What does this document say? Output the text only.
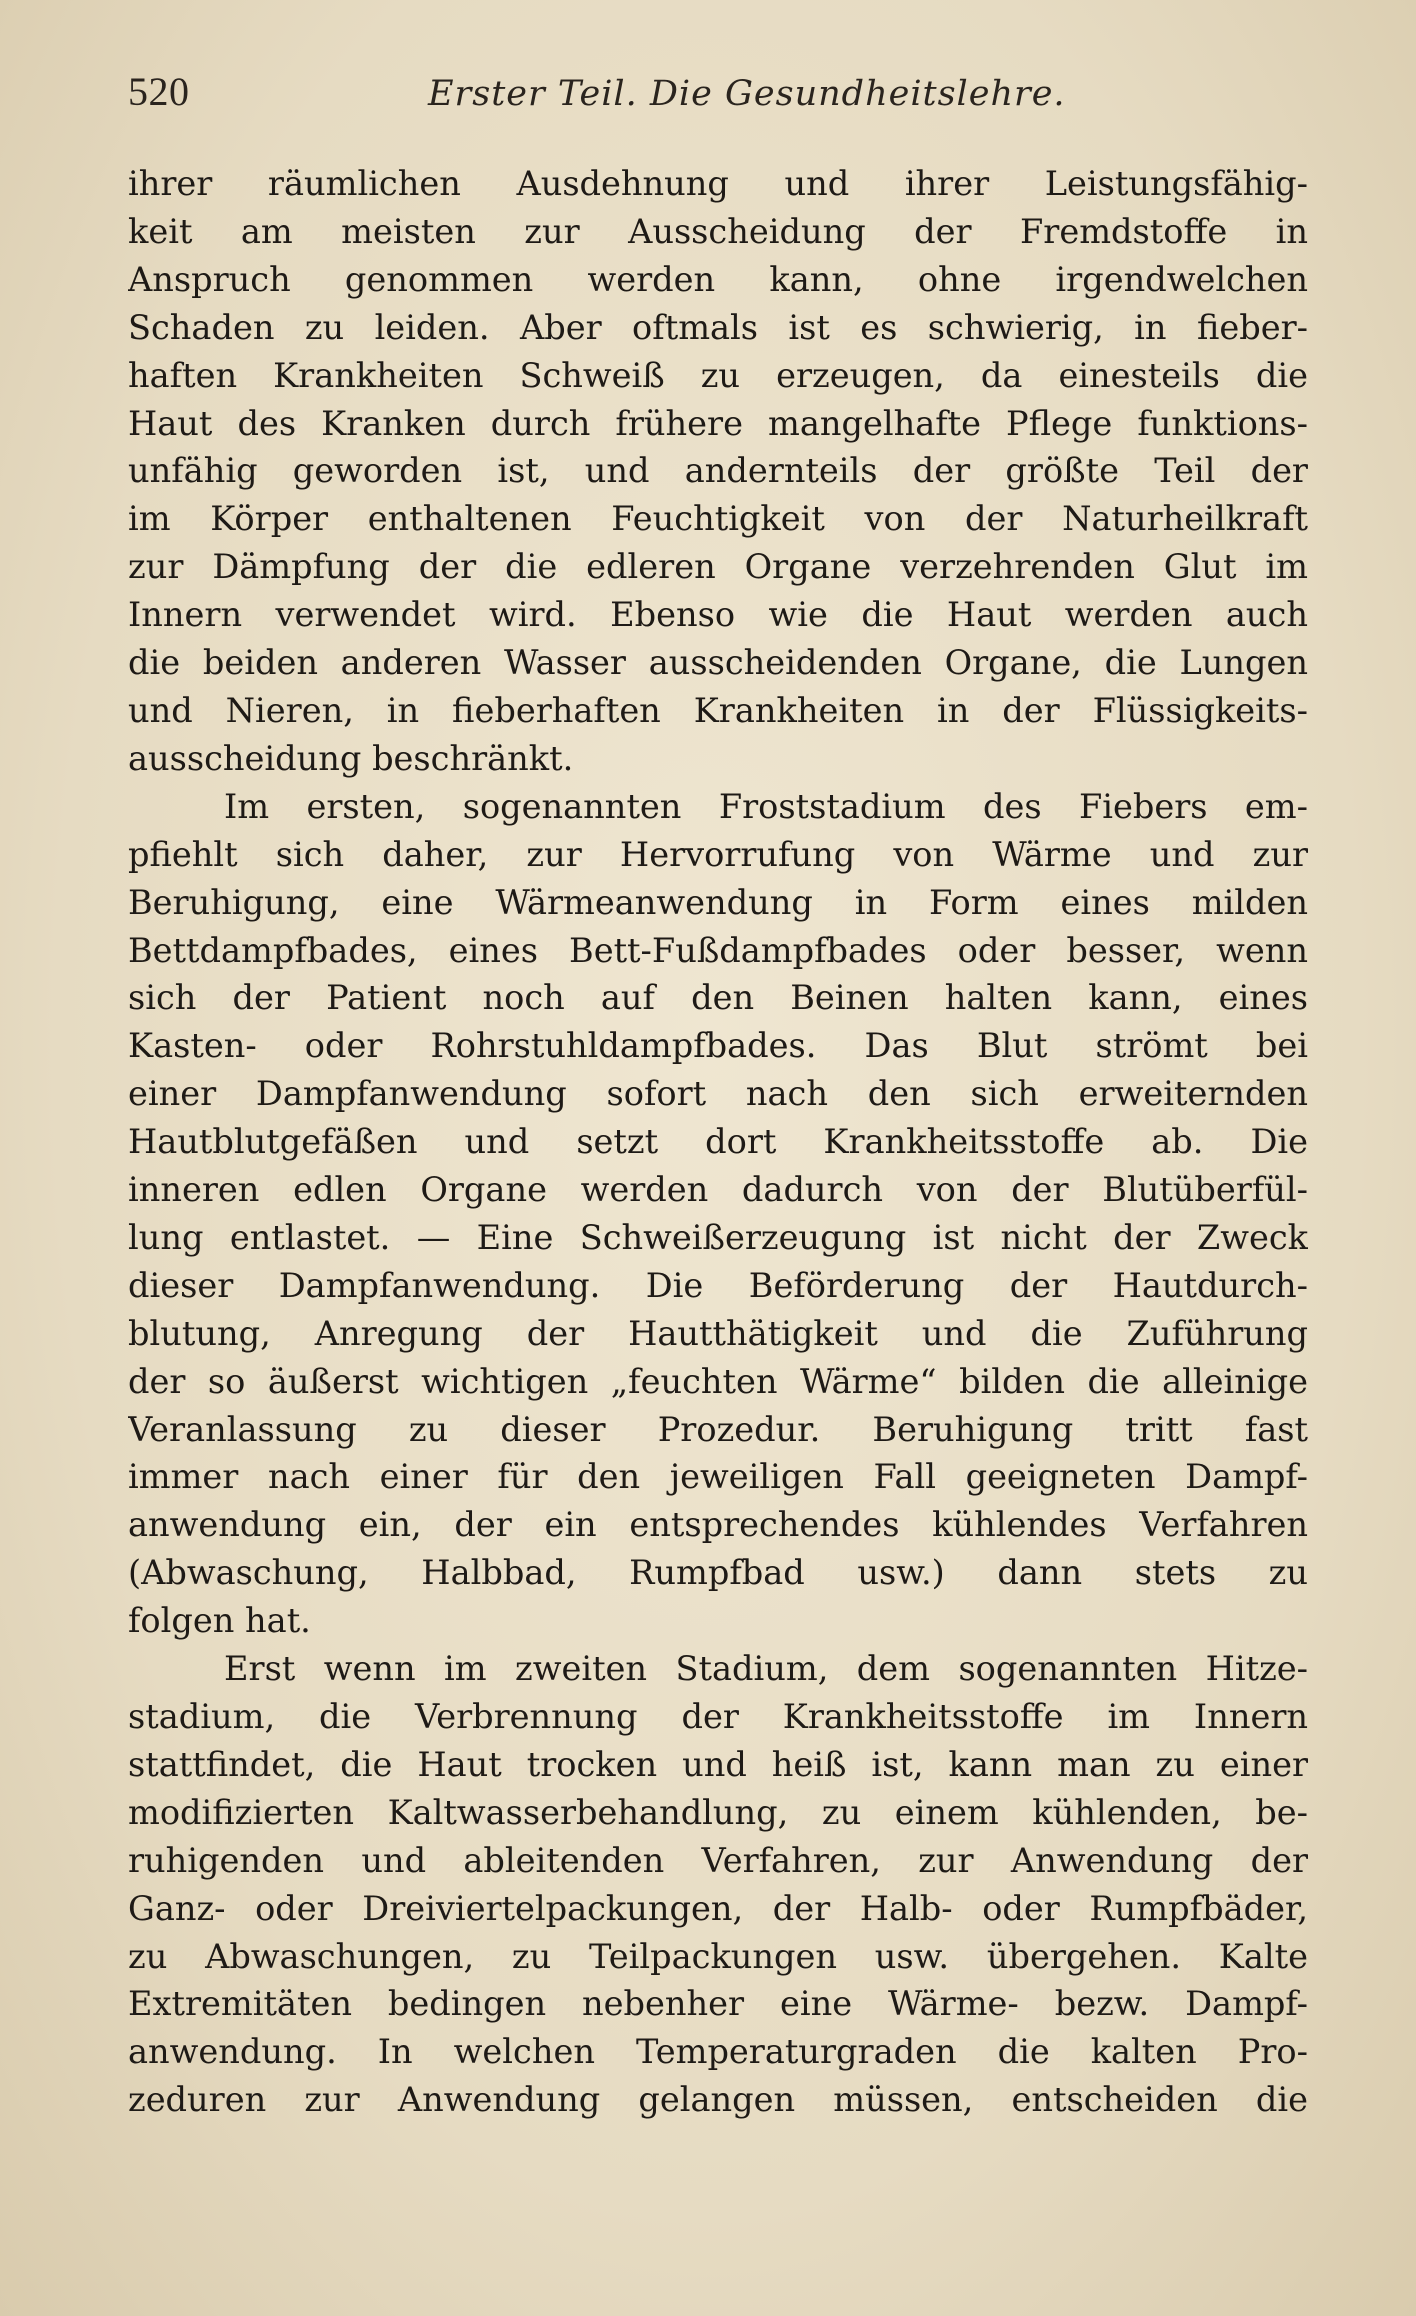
520	Erster Teil. Die Gesundheitslehre.

ihrer räumlichen Ausdehnung und ihrer Leistungsfähig-
keit am meisten zur Ausscheidung der Fremdstoffe in
Anspruch genommen werden kann, ohne irgendwelchen
Schaden zu leiden. Aber oftmals ist es schwierig, in fieber-
haften Krankheiten Schweiß zu erzeugen, da einesteils die
Haut des Kranken durch frühere mangelhafte Pflege funktions-
unfähig geworden ist, und andernteils der größte Teil der
im Körper enthaltenen Feuchtigkeit von der Naturheilkraft
zur Dämpfung der die edleren Organe verzehrenden Glut im
Innern verwendet wird. Ebenso wie die Haut werden auch
die beiden anderen Wasser ausscheidenden Organe, die Lungen
und Nieren, in fieberhaften Krankheiten in der Flüssigkeits-
ausscheidung beschränkt.

Im ersten, sogenannten Froststadium des Fiebers em-
pfiehlt sich daher, zur Hervorrufung von Wärme und zur
Beruhigung, eine Wärmeanwendung in Form eines milden
Bettdampfbades, eines Bett-Fußdampfbades oder besser, wenn
sich der Patient noch auf den Beinen halten kann, eines
Kasten- oder Rohrstuhldampfbades. Das Blut strömt bei
einer Dampfanwendung sofort nach den sich erweiternden
Hautblutgefäßen und setzt dort Krankheitsstoffe ab. Die
inneren edlen Organe werden dadurch von der Blutüberfül-
lung entlastet. — Eine Schweißerzeugung ist nicht der Zweck
dieser Dampfanwendung. Die Beförderung der Hautdurch-
blutung, Anregung der Hautthätigkeit und die Zuführung
der so äußerst wichtigen „feuchten Wärme“ bilden die alleinige
Veranlassung zu dieser Prozedur. Beruhigung tritt fast
immer nach einer für den jeweiligen Fall geeigneten Dampf-
anwendung ein, der ein entsprechendes kühlendes Verfahren
(Abwaschung, Halbbad, Rumpfbad usw.) dann stets zu
folgen hat.

Erst wenn im zweiten Stadium, dem sogenannten Hitze-
stadium, die Verbrennung der Krankheitsstoffe im Innern
stattfindet, die Haut trocken und heiß ist, kann man zu einer
modifizierten Kaltwasserbehandlung, zu einem kühlenden, be-
ruhigenden und ableitenden Verfahren, zur Anwendung der
Ganz- oder Dreiviertelpackungen, der Halb- oder Rumpfbäder,
zu Abwaschungen, zu Teilpackungen usw. übergehen. Kalte
Extremitäten bedingen nebenher eine Wärme- bezw. Dampf-
anwendung. In welchen Temperaturgraden die kalten Pro-
zeduren zur Anwendung gelangen müssen, entscheiden die
